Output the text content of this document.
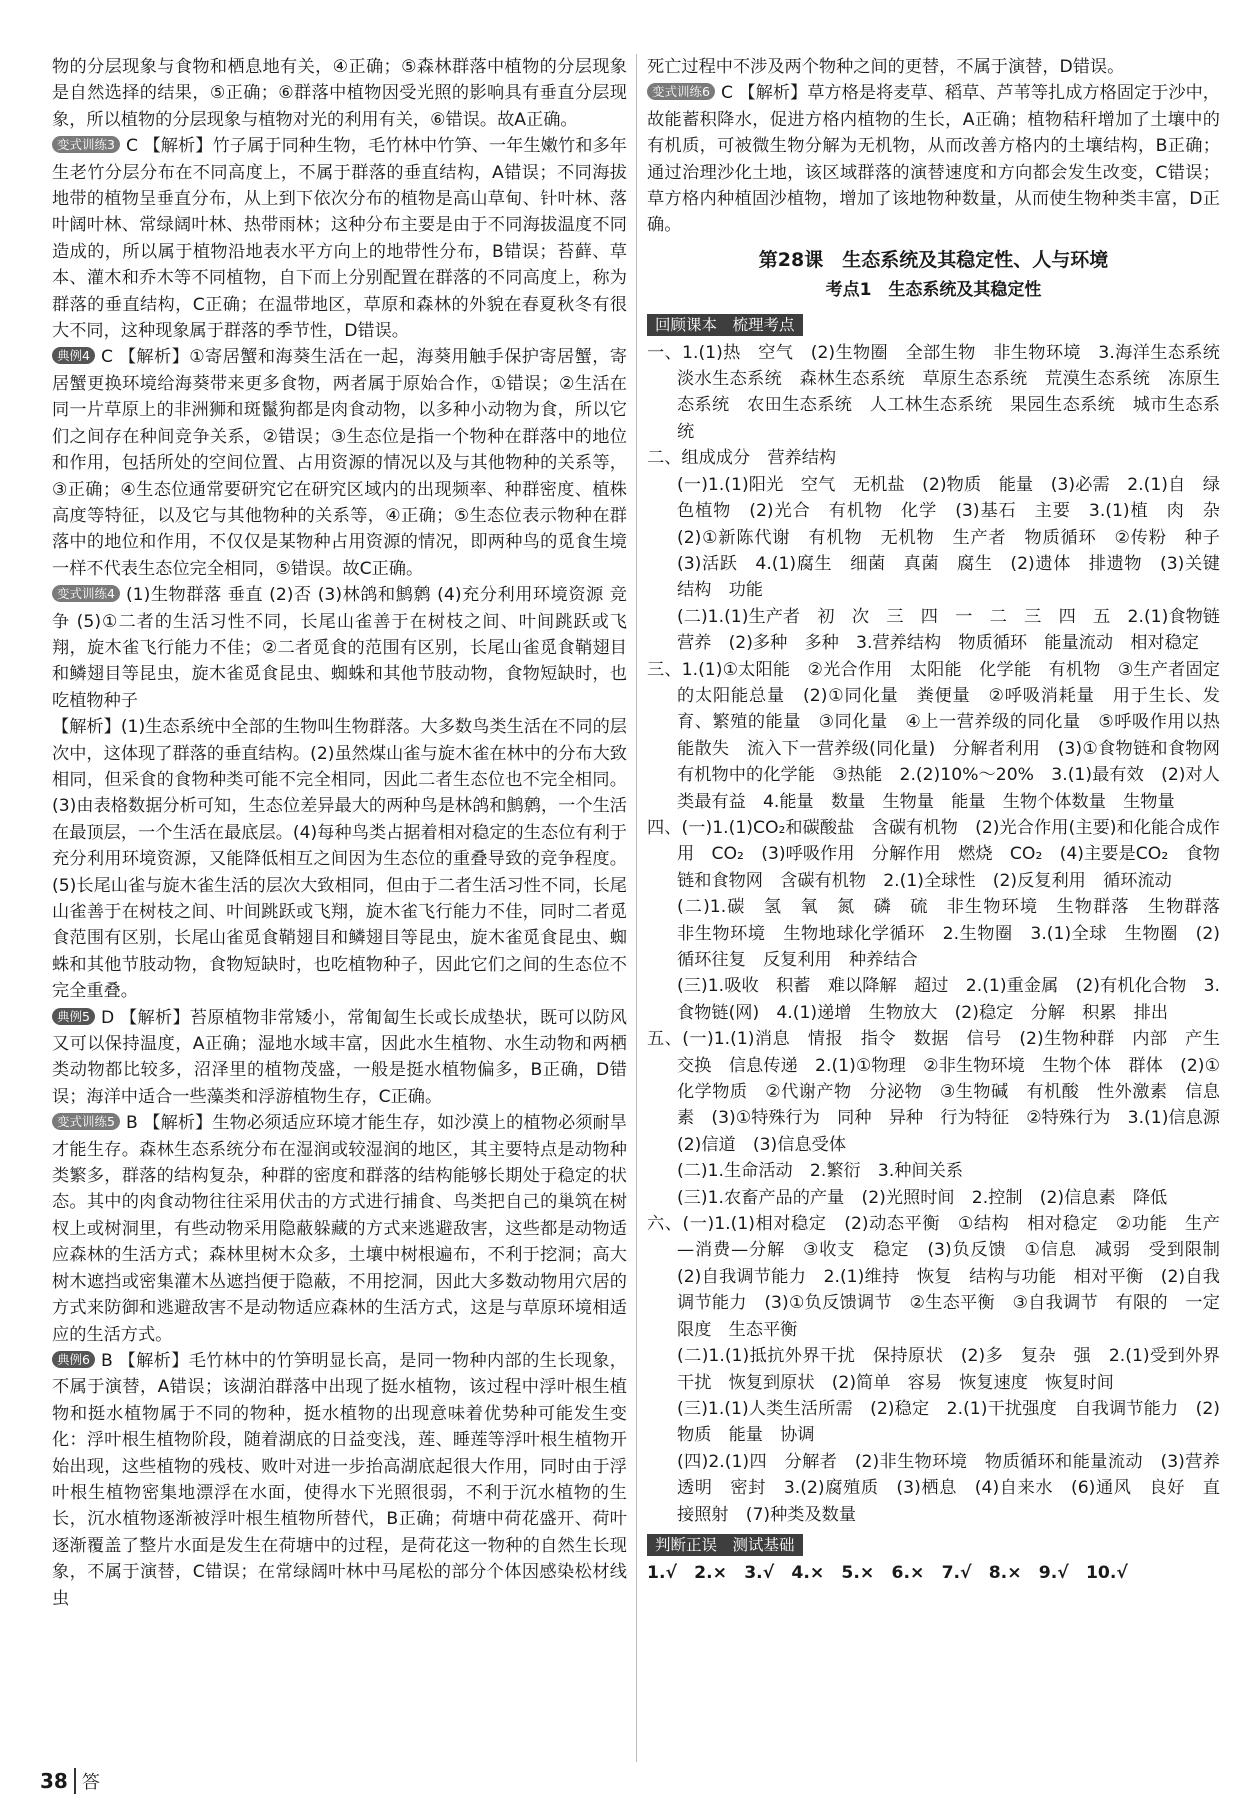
物的分层现象与食物和栖息地有关，④正确；⑤森林群落中植物的分层现象是自然选择的结果，⑤正确；⑥群落中植物因受光照的影响具有垂直分层现象，所以植物的分层现象与植物对光的利用有关，⑥错误。故A正确。

变式训练3 C 【解析】竹子属于同种生物，毛竹林中竹笋、一年生嫩竹和多年生老竹分层分布在不同高度上，不属于群落的垂直结构，A错误；不同海拔地带的植物呈垂直分布，从上到下依次分布的植物是高山草甸、针叶林、落叶阔叶林、常绿阔叶林、热带雨林；这种分布主要是由于不同海拔温度不同造成的，所以属于植物沿地表水平方向上的地带性分布，B错误；苔藓、草本、灌木和乔木等不同植物，自下而上分别配置在群落的不同高度上，称为群落的垂直结构，C正确；在温带地区，草原和森林的外貌在春夏秋冬有很大不同，这种现象属于群落的季节性，D错误。

典例4 C 【解析】①寄居蟹和海葵生活在一起，海葵用触手保护寄居蟹，寄居蟹更换环境给海葵带来更多食物，两者属于原始合作，①错误；②生活在同一片草原上的非洲狮和斑鬣狗都是肉食动物，以多种小动物为食，所以它们之间存在种间竞争关系，②错误；③生态位是指一个物种在群落中的地位和作用，包括所处的空间位置、占用资源的情况以及与其他物种的关系等，③正确；④生态位通常要研究它在研究区域内的出现频率、种群密度、植株高度等特征，以及它与其他物种的关系等，④正确；⑤生态位表示物种在群落中的地位和作用，不仅仅是某物种占用资源的情况，即两种鸟的觅食生境一样不代表生态位完全相同，⑤错误。故C正确。

变式训练4 (1)生物群落 垂直 (2)否 (3)林鸽和鹪鹩 (4)充分利用环境资源 竞争 (5)①二者的生活习性不同，长尾山雀善于在树枝之间、叶间跳跃或飞翔，旋木雀飞行能力不佳；②二者觅食的范围有区别，长尾山雀觅食鞘翅目和鳞翅目等昆虫，旋木雀觅食昆虫、蜘蛛和其他节肢动物，食物短缺时，也吃植物种子

【解析】(1)生态系统中全部的生物叫生物群落。大多数鸟类生活在不同的层次中，这体现了群落的垂直结构。(2)虽然煤山雀与旋木雀在林中的分布大致相同，但采食的食物种类可能不完全相同，因此二者生态位也不完全相同。(3)由表格数据分析可知，生态位差异最大的两种鸟是林鸽和鹪鹩，一个生活在最顶层，一个生活在最底层。(4)每种鸟类占据着相对稳定的生态位有利于充分利用环境资源，又能降低相互之间因为生态位的重叠导致的竞争程度。(5)长尾山雀与旋木雀生活的层次大致相同，但由于二者生活习性不同，长尾山雀善于在树枝之间、叶间跳跃或飞翔，旋木雀飞行能力不佳，同时二者觅食范围有区别，长尾山雀觅食鞘翅目和鳞翅目等昆虫，旋木雀觅食昆虫、蜘蛛和其他节肢动物，食物短缺时，也吃植物种子，因此它们之间的生态位不完全重叠。

典例5 D 【解析】苔原植物非常矮小，常匍匐生长或长成垫状，既可以防风又可以保持温度，A正确；湿地水域丰富，因此水生植物、水生动物和两栖类动物都比较多，沼泽里的植物茂盛，一般是挺水植物偏多，B正确，D错误；海洋中适合一些藻类和浮游植物生存，C正确。

变式训练5 B 【解析】生物必须适应环境才能生存，如沙漠上的植物必须耐旱才能生存。森林生态系统分布在湿润或较湿润的地区，其主要特点是动物种类繁多，群落的结构复杂，种群的密度和群落的结构能够长期处于稳定的状态。其中的肉食动物往往采用伏击的方式进行捕食、鸟类把自己的巢筑在树杈上或树洞里，有些动物采用隐蔽躲藏的方式来逃避敌害，这些都是动物适应森林的生活方式；森林里树木众多，土壤中树根遍布，不利于挖洞；高大树木遮挡或密集灌木丛遮挡便于隐蔽，不用挖洞，因此大多数动物用穴居的方式来防御和逃避敌害不是动物适应森林的生活方式，这是与草原环境相适应的生活方式。

典例6 B 【解析】毛竹林中的竹笋明显长高，是同一物种内部的生长现象，不属于演替，A错误；该湖泊群落中出现了挺水植物，该过程中浮叶根生植物和挺水植物属于不同的物种，挺水植物的出现意味着优势种可能发生变化：浮叶根生植物阶段，随着湖底的日益变浅，莲、睡莲等浮叶根生植物开始出现，这些植物的残枝、败叶对进一步抬高湖底起很大作用，同时由于浮叶根生植物密集地漂浮在水面，使得水下光照很弱，不利于沉水植物的生长，沉水植物逐渐被浮叶根生植物所替代，B正确；荷塘中荷花盛开、荷叶逐渐覆盖了整片水面是发生在荷塘中的过程，是荷花这一物种的自然生长现象，不属于演替，C错误；在常绿阔叶林中马尾松的部分个体因感染松材线虫

死亡过程中不涉及两个物种之间的更替，不属于演替，D错误。

变式训练6 C 【解析】草方格是将麦草、稻草、芦苇等扎成方格固定于沙中，故能蓄积降水，促进方格内植物的生长，A正确；植物秸秆增加了土壤中的有机质，可被微生物分解为无机物，从而改善方格内的土壤结构，B正确；通过治理沙化土地，该区域群落的演替速度和方向都会发生改变，C错误；草方格内种植固沙植物，增加了该地物种数量，从而使生物种类丰富，D正确。

第28课　生态系统及其稳定性、人与环境
考点1　生态系统及其稳定性
回顾课本　梳理考点

一、1.(1)热　空气　(2)生物圈　全部生物　非生物环境　3.海洋生态系统　淡水生态系统　森林生态系统　草原生态系统　荒漠生态系统　冻原生态系统　农田生态系统　人工林生态系统　果园生态系统　城市生态系统

二、组成成分　营养结构

(一)1.(1)阳光　空气　无机盐　(2)物质　能量　(3)必需　2.(1)自　绿色植物　(2)光合　有机物　化学　(3)基石　主要　3.(1)植　肉　杂　(2)①新陈代谢　有机物　无机物　生产者　物质循环　②传粉　种子　(3)活跃　4.(1)腐生　细菌　真菌　腐生　(2)遗体　排遗物　(3)关键　结构　功能

(二)1.(1)生产者　初　次　三　四　一　二　三　四　五　2.(1)食物链　营养　(2)多种　多种　3.营养结构　物质循环　能量流动　相对稳定

三、1.(1)①太阳能　②光合作用　太阳能　化学能　有机物　③生产者固定的太阳能总量　(2)①同化量　粪便量　②呼吸消耗量　用于生长、发育、繁殖的能量　③同化量　④上一营养级的同化量　⑤呼吸作用以热能散失　流入下一营养级(同化量)　分解者利用　(3)①食物链和食物网　有机物中的化学能　③热能　2.(2)10%～20%　3.(1)最有效　(2)对人类最有益　4.能量　数量　生物量　能量　生物个体数量　生物量

四、(一)1.(1)CO₂和碳酸盐　含碳有机物　(2)光合作用(主要)和化能合成作用　CO₂　(3)呼吸作用　分解作用　燃烧　CO₂　(4)主要是CO₂　食物链和食物网　含碳有机物　2.(1)全球性　(2)反复利用　循环流动

(二)1.碳　氢　氧　氮　磷　硫　非生物环境　生物群落　生物群落　非生物环境　生物地球化学循环　2.生物圈　3.(1)全球　生物圈　(2)循环往复　反复利用　种养结合

(三)1.吸收　积蓄　难以降解　超过　2.(1)重金属　(2)有机化合物　3.食物链(网)　4.(1)递增　生物放大　(2)稳定　分解　积累　排出

五、(一)1.(1)消息　情报　指令　数据　信号　(2)生物种群　内部　产生　交换　信息传递　2.(1)①物理　②非生物环境　生物个体　群体　(2)①化学物质　②代谢产物　分泌物　③生物碱　有机酸　性外激素　信息素　(3)①特殊行为　同种　异种　行为特征　②特殊行为　3.(1)信息源　(2)信道　(3)信息受体

(二)1.生命活动　2.繁衍　3.种间关系

(三)1.农畜产品的产量　(2)光照时间　2.控制　(2)信息素　降低

六、(一)1.(1)相对稳定　(2)动态平衡　①结构　相对稳定　②功能　生产—消费—分解　③收支　稳定　(3)负反馈　①信息　减弱　受到限制　(2)自我调节能力　2.(1)维持　恢复　结构与功能　相对平衡　(2)自我调节能力　(3)①负反馈调节　②生态平衡　③自我调节　有限的　一定限度　生态平衡

(二)1.(1)抵抗外界干扰　保持原状　(2)多　复杂　强　2.(1)受到外界干扰　恢复到原状　(2)简单　容易　恢复速度　恢复时间

(三)1.(1)人类生活所需　(2)稳定　2.(1)干扰强度　自我调节能力　(2)物质　能量　协调

(四)2.(1)四　分解者　(2)非生物环境　物质循环和能量流动　(3)营养　透明　密封　3.(2)腐殖质　(3)栖息　(4)自来水　(6)通风　良好　直接照射　(7)种类及数量

判断正误　测试基础

1.√　2.×　3.√　4.×　5.×　6.×　7.√　8.×　9.√　10.√

38 答
